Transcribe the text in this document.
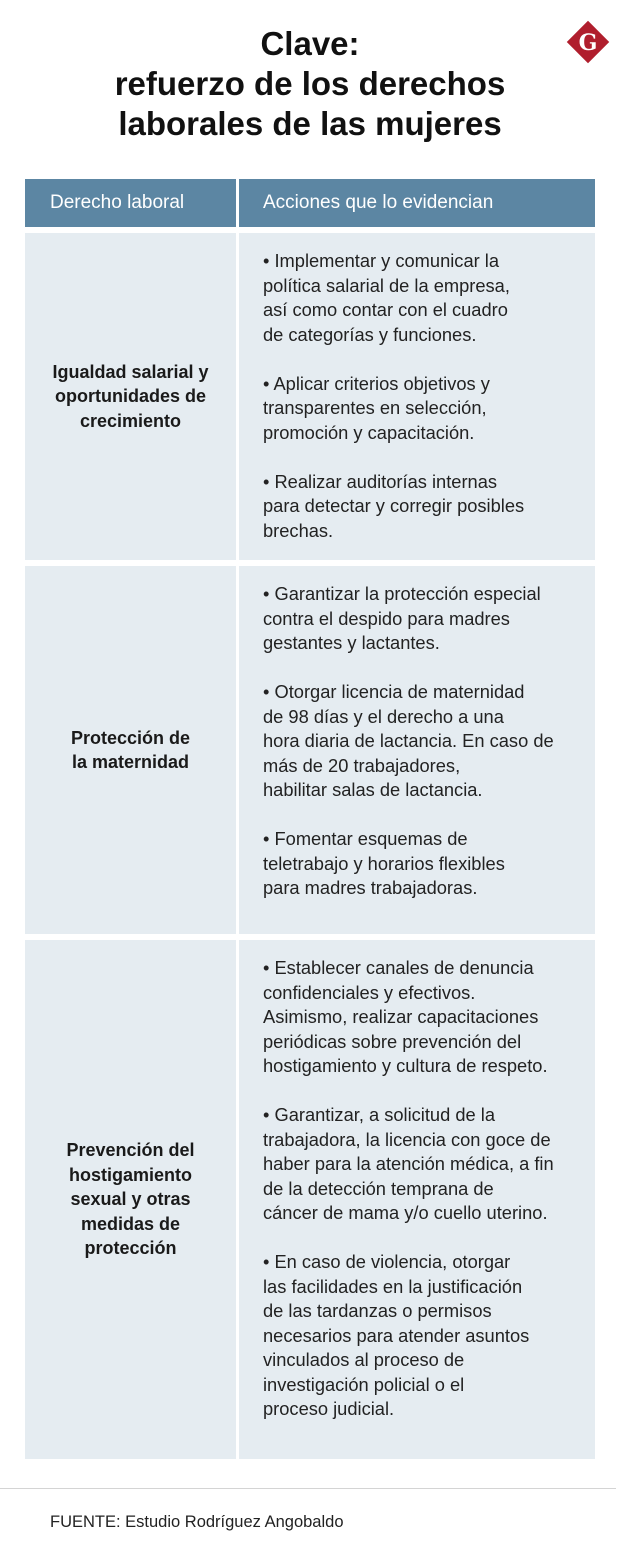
Clave:
refuerzo de los derechos
laborales de las mujeres
G
Derecho laboral	Acciones que lo evidencian
Igualdad salarial y
oportunidades de
crecimiento
• Implementar y comunicar la
política salarial de la empresa,
así como contar con el cuadro
de categorías y funciones.
• Aplicar criterios objetivos y
transparentes en selección,
promoción y capacitación.
• Realizar auditorías internas
para detectar y corregir posibles
brechas.
Protección de
la maternidad
• Garantizar la protección especial
contra el despido para madres
gestantes y lactantes.
• Otorgar licencia de maternidad
de 98 días y el derecho a una
hora diaria de lactancia. En caso de
más de 20 trabajadores,
habilitar salas de lactancia.
• Fomentar esquemas de
teletrabajo y horarios flexibles
para madres trabajadoras.
Prevención del
hostigamiento
sexual y otras
medidas de
protección
• Establecer canales de denuncia
confidenciales y efectivos.
Asimismo, realizar capacitaciones
periódicas sobre prevención del
hostigamiento y cultura de respeto.
• Garantizar, a solicitud de la
trabajadora, la licencia con goce de
haber para la atención médica, a fin
de la detección temprana de
cáncer de mama y/o cuello uterino.
• En caso de violencia, otorgar
las facilidades en la justificación
de las tardanzas o permisos
necesarios para atender asuntos
vinculados al proceso de
investigación policial o el
proceso judicial.
FUENTE: Estudio Rodríguez Angobaldo
